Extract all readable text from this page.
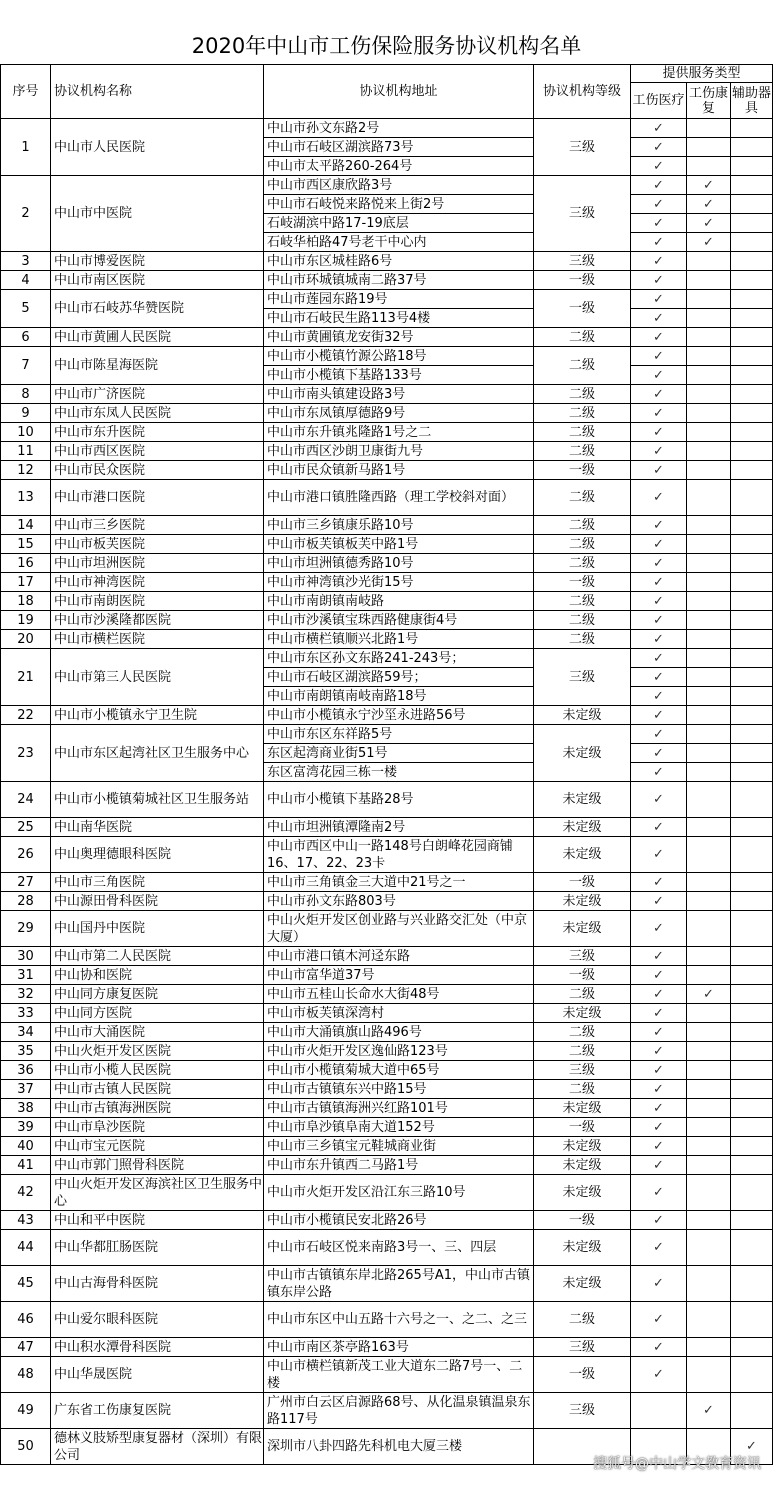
2020年中山市工伤保险服务协议机构名单
序号	协议机构名称	协议机构地址	协议机构等级	提供服务类型		
				工伤医疗	工伤康复	辅助器具
1	中山市人民医院	中山市孙文东路2号	三级	✓		
		中山市石岐区湖滨路73号		✓		
		中山市太平路260-264号		✓		
2	中山市中医院	中山市西区康欣路3号	三级	✓	✓	
		中山市石岐悦来路悦来上街2号		✓	✓	
		石岐湖滨中路17-19底层		✓	✓	
		石岐华柏路47号老干中心内		✓	✓	
3	中山市博爱医院	中山市东区城桂路6号	三级	✓		
4	中山市南区医院	中山市环城镇城南二路37号	一级	✓		
5	中山市石岐苏华赞医院	中山市莲园东路19号	一级	✓		
		中山市石岐民生路113号4楼		✓		
6	中山市黄圃人民医院	中山市黄圃镇龙安街32号	二级	✓		
7	中山市陈星海医院	中山市小榄镇竹源公路18号	二级	✓		
		中山市小榄镇下基路133号		✓		
8	中山市广济医院	中山市南头镇建设路3号	二级	✓		
9	中山市东凤人民医院	中山市东凤镇厚德路9号	二级	✓		
10	中山市东升医院	中山市东升镇兆隆路1号之二	二级	✓		
11	中山市西区医院	中山市西区沙朗卫康街九号	二级	✓		
12	中山市民众医院	中山市民众镇新马路1号	一级	✓		
13	中山市港口医院	中山市港口镇胜隆西路（理工学校斜对面）	二级	✓		
14	中山市三乡医院	中山市三乡镇康乐路10号	二级	✓		
15	中山市板芙医院	中山市板芙镇板芙中路1号	二级	✓		
16	中山市坦洲医院	中山市坦洲镇德秀路10号	二级	✓		
17	中山市神湾医院	中山市神湾镇沙光街15号	一级	✓		
18	中山市南朗医院	中山市南朗镇南岐路	二级	✓		
19	中山市沙溪隆都医院	中山市沙溪镇宝珠西路健康街4号	二级	✓		
20	中山市横栏医院	中山市横栏镇顺兴北路1号	二级	✓		
21	中山市第三人民医院	中山市东区孙文东路241-243号；	三级	✓		
		中山市石岐区湖滨路59号；		✓		
		中山市南朗镇南岐南路18号		✓		
22	中山市小榄镇永宁卫生院	中山市小榄镇永宁沙坙永进路56号	未定级	✓		
23	中山市东区起湾社区卫生服务中心	中山市东区东祥路5号	未定级	✓		
		东区起湾商业街51号		✓		
		东区富湾花园三栋一楼		✓		
24	中山市小榄镇菊城社区卫生服务站	中山市小榄镇下基路28号	未定级	✓		
25	中山南华医院	中山市坦洲镇潭隆南2号	未定级	✓		
26	中山奥理德眼科医院	中山市西区中山一路148号白朗峰花园商铺16、17、22、23卡	未定级	✓		
27	中山市三角医院	中山市三角镇金三大道中21号之一	一级	✓		
28	中山源田骨科医院	中山市孙文东路803号	未定级	✓		
29	中山国丹中医院	中山火炬开发区创业路与兴业路交汇处（中京大厦）	未定级	✓		
30	中山市第二人民医院	中山市港口镇木河迳东路	三级	✓		
31	中山协和医院	中山市富华道37号	一级	✓		
32	中山同方康复医院	中山市五桂山长命水大街48号	二级	✓	✓	
33	中山同方医院	中山市板芙镇深湾村	未定级	✓		
34	中山市大涌医院	中山市大涌镇旗山路496号	二级	✓		
35	中山火炬开发区医院	中山市火炬开发区逸仙路123号	二级	✓		
36	中山市小榄人民医院	中山市小榄镇菊城大道中65号	三级	✓		
37	中山市古镇人民医院	中山市古镇镇东兴中路15号	二级	✓		
38	中山市古镇海洲医院	中山市古镇镇海洲兴红路101号	未定级	✓		
39	中山市阜沙医院	中山市阜沙镇阜南大道152号	一级	✓		
40	中山市宝元医院	中山市三乡镇宝元鞋城商业街	未定级	✓		
41	中山市郭门照骨科医院	中山市东升镇西二马路1号	未定级	✓		
42	中山火炬开发区海滨社区卫生服务中心	中山市火炬开发区沿江东三路10号	未定级	✓		
43	中山和平中医院	中山市小榄镇民安北路26号	一级	✓		
44	中山华都肛肠医院	中山市石岐区悦来南路3号一、三、四层	未定级	✓		
45	中山古海骨科医院	中山市古镇镇东岸北路265号A1，中山市古镇镇东岸公路	未定级	✓		
46	中山爱尔眼科医院	中山市东区中山五路十六号之一、之二、之三	二级	✓		
47	中山积水潭骨科医院	中山市南区茶亭路163号	三级	✓		
48	中山华晟医院	中山市横栏镇新茂工业大道东二路7号一、二楼	一级	✓		
49	广东省工伤康复医院	广州市白云区启源路68号、从化温泉镇温泉东路117号	三级		✓	
50	德林义肢矫型康复器材（深圳）有限公司	深圳市八卦四路先科机电大厦三楼				✓
搜狐号@中山学文教育资讯
